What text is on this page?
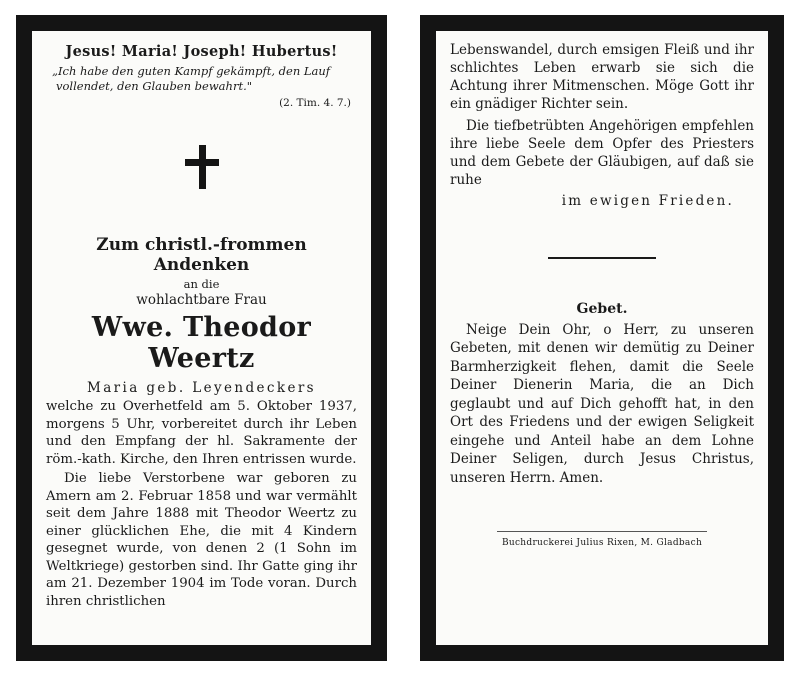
Jesus! Maria! Joseph! Hubertus!
„Ich habe den guten Kampf gekämpft, den Lauf vollendet, den Glauben bewahrt."
(2. Tim. 4. 7.)
Zum christl.-frommen Andenken
an die
wohlachtbare Frau
Wwe. Theodor Weertz
Maria geb. Leyendeckers

welche zu Overhetfeld am 5. Oktober 1937, morgens 5 Uhr, vorbereitet durch ihr Leben und den Empfang der hl. Sakramente der röm.-kath. Kirche, den Ihren entrissen wurde.

Die liebe Verstorbene war geboren zu Amern am 2. Februar 1858 und war vermählt seit dem Jahre 1888 mit Theodor Weertz zu einer glücklichen Ehe, die mit 4 Kindern gesegnet wurde, von denen 2 (1 Sohn im Weltkriege) gestorben sind. Ihr Gatte ging ihr am 21. Dezember 1904 im Tode voran. Durch ihren christlichen

Lebenswandel, durch emsigen Fleiß und ihr schlichtes Leben erwarb sie sich die Achtung ihrer Mitmenschen. Möge Gott ihr ein gnädiger Richter sein.

Die tiefbetrübten Angehörigen empfehlen ihre liebe Seele dem Opfer des Priesters und dem Gebete der Gläubigen, auf daß sie ruhe

im ewigen Frieden.
Gebet.

Neige Dein Ohr, o Herr, zu unseren Gebeten, mit denen wir demütig zu Deiner Barmherzigkeit flehen, damit die Seele Deiner Dienerin Maria, die an Dich geglaubt und auf Dich gehofft hat, in den Ort des Friedens und der ewigen Seligkeit eingehe und Anteil habe an dem Lohne Deiner Seligen, durch Jesus Christus, unseren Herrn. Amen.

Buchdruckerei Julius Rixen, M. Gladbach
